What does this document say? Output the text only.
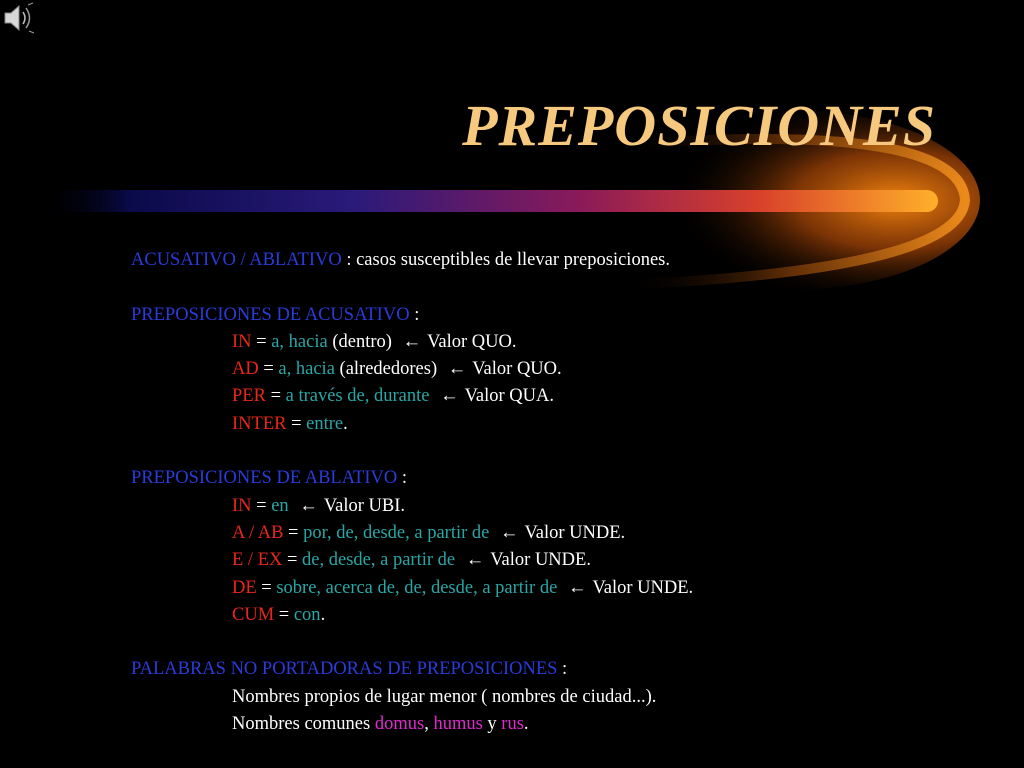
PREPOSICIONES
ACUSATIVO / ABLATIVO : casos susceptibles de llevar preposiciones.
PREPOSICIONES DE ACUSATIVO :
IN = a, hacia (dentro) ← Valor QUO.
AD = a, hacia (alrededores) ← Valor QUO.
PER = a través de, durante ← Valor QUA.
INTER = entre.
PREPOSICIONES DE ABLATIVO :
IN = en ← Valor UBI.
A / AB = por, de, desde, a partir de ← Valor UNDE.
E / EX = de, desde, a partir de ← Valor UNDE.
DE = sobre, acerca de, de, desde, a partir de ← Valor UNDE.
CUM = con.
PALABRAS NO PORTADORAS DE PREPOSICIONES :
Nombres propios de lugar menor ( nombres de ciudad...).
Nombres comunes domus, humus y rus.
